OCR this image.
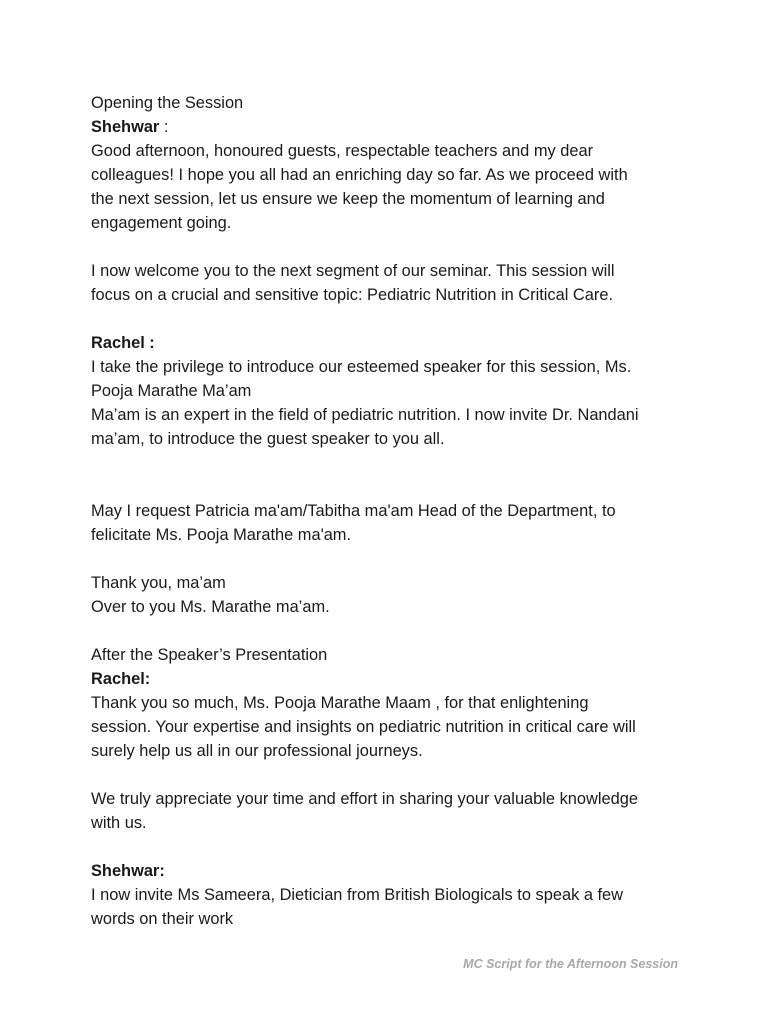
Opening the Session
Shehwar :
Good afternoon, honoured guests, respectable teachers and my dear
colleagues! I hope you all had an enriching day so far. As we proceed with
the next session, let us ensure we keep the momentum of learning and
engagement going.
I now welcome you to the next segment of our seminar. This session will
focus on a crucial and sensitive topic: Pediatric Nutrition in Critical Care.
Rachel :
I take the privilege to introduce our esteemed speaker for this session, Ms.
Pooja Marathe Ma’am
Ma’am is an expert in the field of pediatric nutrition. I now invite Dr. Nandani
ma’am, to introduce the guest speaker to you all.
May I request Patricia ma'am/Tabitha ma'am Head of the Department, to
felicitate Ms. Pooja Marathe ma'am.
Thank you, ma’am
Over to you Ms. Marathe ma’am.
After the Speaker’s Presentation
Rachel:
Thank you so much, Ms. Pooja Marathe Maam , for that enlightening
session. Your expertise and insights on pediatric nutrition in critical care will
surely help us all in our professional journeys.
We truly appreciate your time and effort in sharing your valuable knowledge
with us.
Shehwar:
I now invite Ms Sameera, Dietician from British Biologicals to speak a few
words on their work
MC Script for the Afternoon Session
